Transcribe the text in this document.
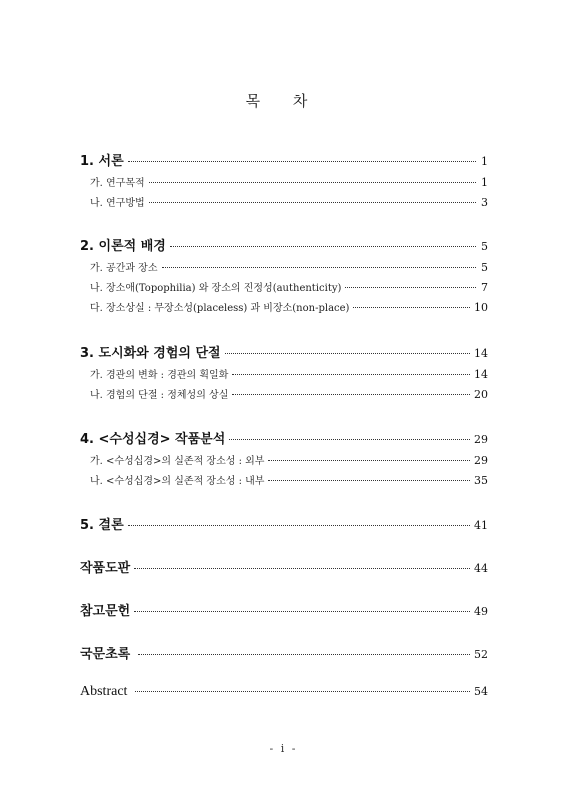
목 차
1. 서론	1
가. 연구목적	1
나. 연구방법	3
2. 이론적 배경	5
가. 공간과 장소	5
나. 장소애(Topophilia) 와 장소의 진정성(authenticity)	7
다. 장소상실 : 무장소성(placeless) 과 비장소(non-place)	10
3. 도시화와 경험의 단절	14
가. 경관의 변화 : 경관의 획일화	14
나. 경험의 단절 : 정체성의 상실	20
4. <수성십경> 작품분석	29
가. <수성십경>의 실존적 장소성 : 외부	29
나. <수성십경>의 실존적 장소성 : 내부	35
5. 결론	41
작품도판	44
참고문헌	49
국문초록	52
Abstract	54
- i -
